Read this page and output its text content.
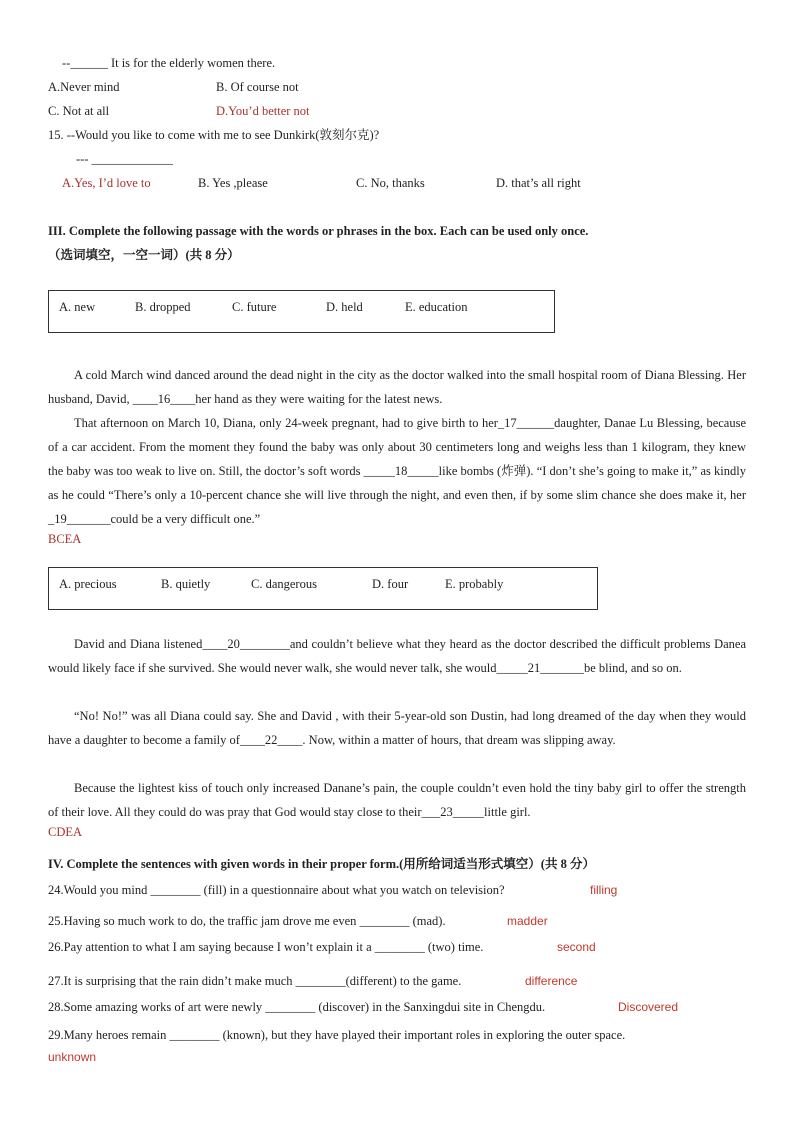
--______ It is for the elderly women there.
A.Never mind	B. Of course not
C. Not at all	D.You’d better not
15. --Would you like to come with me to see Dunkirk(敦刻尔克)?
--- _____________
A.Yes, I’d love to	B. Yes ,please	C. No, thanks	D. that’s all right
III. Complete the following passage with the words or phrases in the box. Each can be used only once.
（选词填空，一空一词）(共 8 分）
A. new	B. dropped	C. future	D. held	E. education
A cold March wind danced around the dead night in the city as the doctor walked into the small hospital room of Diana Blessing. Her husband, David, ____16____her hand as they were waiting for the latest news.
That afternoon on March 10, Diana, only 24-week pregnant, had to give birth to her_17______daughter, Danae Lu Blessing, because of a car accident. From the moment they found the baby was only about 30 centimeters long and weighs less than 1 kilogram, they knew the baby was too weak to live on. Still, the doctor’s soft words _____18_____like bombs (炸弹). “I don’t she’s going to make it,” as kindly as he could “There’s only a 10-percent chance she will live through the night, and even then, if by some slim chance she does make it, her _19_______could be a very difficult one.”
BCEA
A. precious	B. quietly	C. dangerous	D. four	E. probably
David and Diana listened____20________and couldn’t believe what they heard as the doctor described the difficult problems Danea would likely face if she survived. She would never walk, she would never talk, she would_____21_______be blind, and so on.
“No! No!” was all Diana could say. She and David , with their 5-year-old son Dustin, had long dreamed of the day when they would have a daughter to become a family of____22____. Now, within a matter of hours, that dream was slipping away.
Because the lightest kiss of touch only increased Danane’s pain, the couple couldn’t even hold the tiny baby girl to offer the strength of their love. All they could do was pray that God would stay close to their___23_____little girl.
CDEA
IV. Complete the sentences with given words in their proper form.(用所给词适当形式填空）(共 8 分）
24.Would you mind ________ (fill) in a questionnaire about what you watch on television?	filling
25.Having so much work to do, the traffic jam drove me even ________ (mad).	madder
26.Pay attention to what I am saying because I won’t explain it a ________ (two) time.	second
27.It is surprising that the rain didn’t make much ________(different) to the game.	difference
28.Some amazing works of art were newly ________ (discover) in the Sanxingdui site in Chengdu.	Discovered
29.Many heroes remain ________ (known), but they have played their important roles in exploring the outer space.
unknown
